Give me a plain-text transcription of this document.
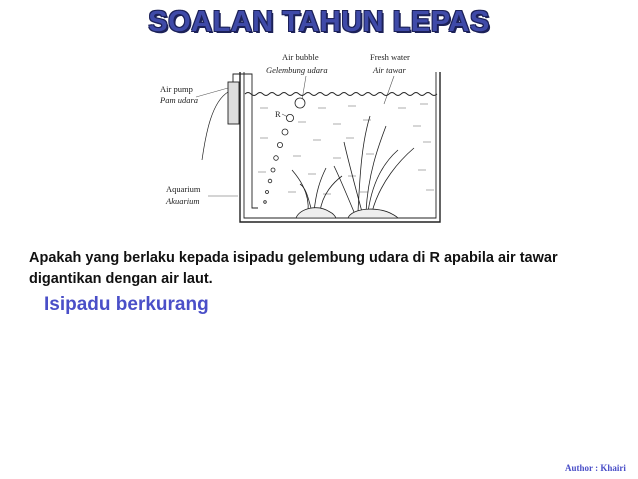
SOALAN TAHUN LEPAS
Air bubble
Gelembung udara
Fresh water
Air tawar
Air pump
Pam udara
R
Aquarium
Akuarium
Apakah yang berlaku kepada isipadu gelembung udara di R apabila air tawar digantikan dengan air laut.
Isipadu berkurang
Author : Khairi
